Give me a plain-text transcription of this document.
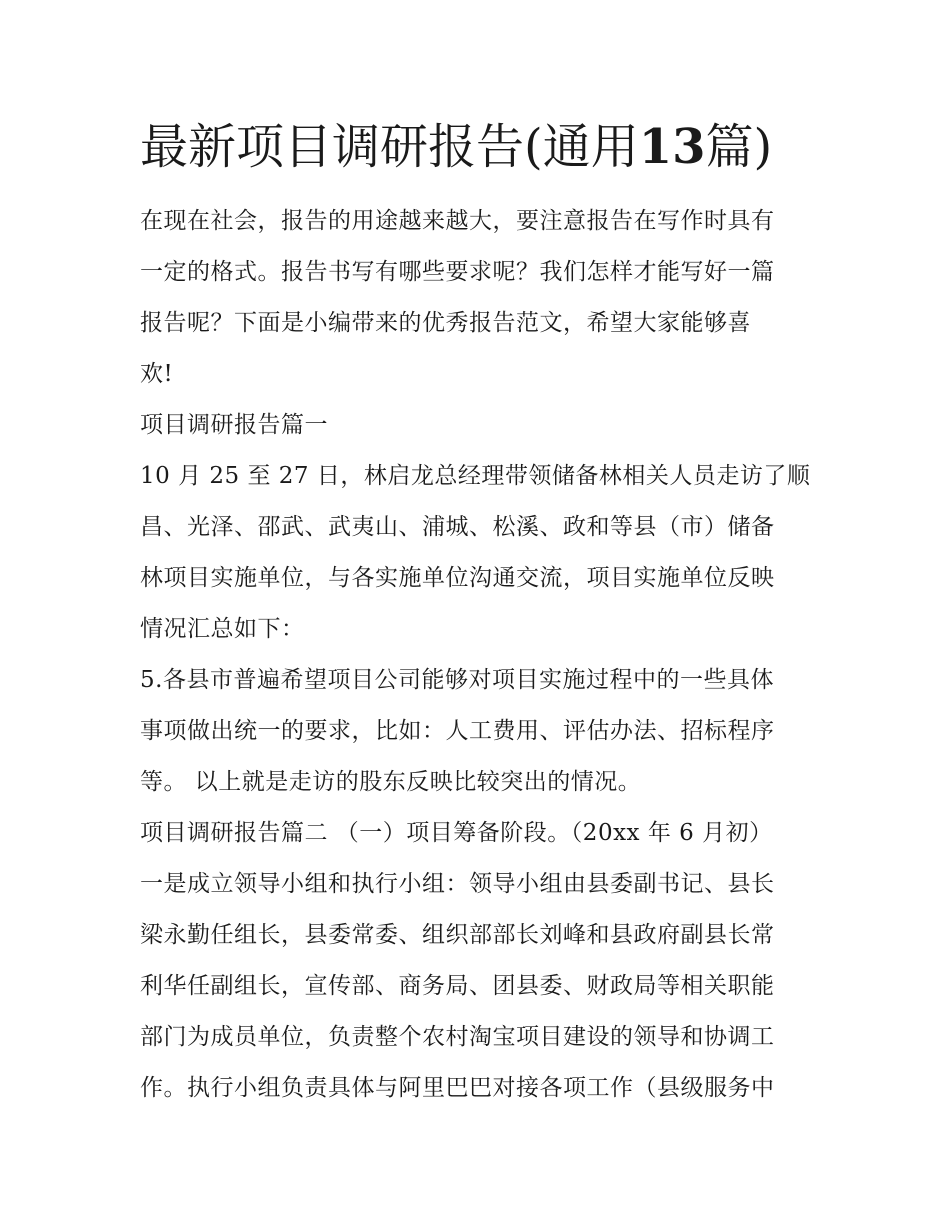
最新项目调研报告(通用13篇)
在现在社会，报告的用途越来越大，要注意报告在写作时具有
一定的格式。报告书写有哪些要求呢？我们怎样才能写好一篇
报告呢？下面是小编带来的优秀报告范文，希望大家能够喜
欢!
项目调研报告篇一
10 月 25 至 27 日，林启龙总经理带领储备林相关人员走访了顺
昌、光泽、邵武、武夷山、浦城、松溪、政和等县（市）储备
林项目实施单位，与各实施单位沟通交流，项目实施单位反映
情况汇总如下：
5.各县市普遍希望项目公司能够对项目实施过程中的一些具体
事项做出统一的要求，比如：人工费用、评估办法、招标程序
等。 以上就是走访的股东反映比较突出的情况。
项目调研报告篇二 （一）项目筹备阶段。（20xx 年 6 月初）
一是成立领导小组和执行小组：领导小组由县委副书记、县长
梁永勤任组长，县委常委、组织部部长刘峰和县政府副县长常
利华任副组长，宣传部、商务局、团县委、财政局等相关职能
部门为成员单位，负责整个农村淘宝项目建设的领导和协调工
作。执行小组负责具体与阿里巴巴对接各项工作（县级服务中
